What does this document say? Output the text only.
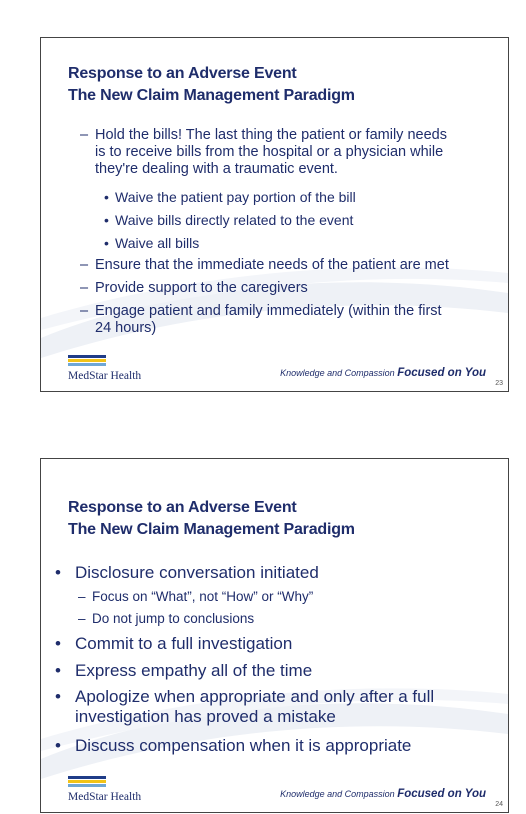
Response to an Adverse Event
The New Claim Management Paradigm
– Hold the bills! The last thing the patient or family needs
is to receive bills from the hospital or a physician while
they're dealing with a traumatic event.
• Waive the patient pay portion of the bill
• Waive bills directly related to the event
• Waive all bills
– Ensure that the immediate needs of the patient are met
– Provide support to the caregivers
– Engage patient and family immediately (within the first
24 hours)
MedStar Health	Knowledge and Compassion Focused on You
23
Response to an Adverse Event
The New Claim Management Paradigm
• Disclosure conversation initiated
– Focus on “What”, not “How” or “Why”
– Do not jump to conclusions
• Commit to a full investigation
• Express empathy all of the time
• Apologize when appropriate and only after a full
investigation has proved a mistake
• Discuss compensation when it is appropriate
MedStar Health	Knowledge and Compassion Focused on You
24
